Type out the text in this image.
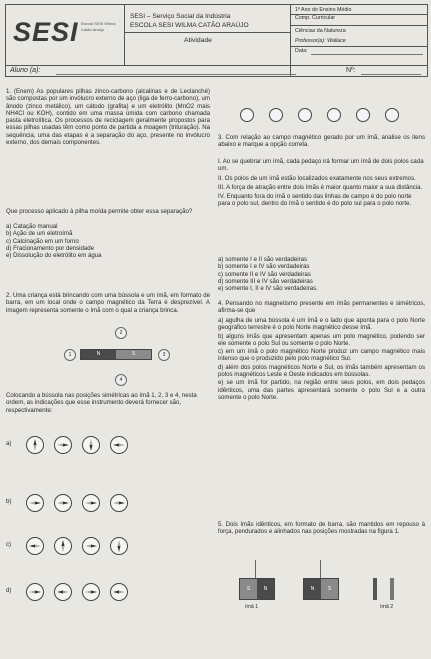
SESI Escola SESI Wilma Catão Araújo
SESI – Serviço Social da Indústria
ESCOLA SESI WILMA CATÃO ARAÚJO
Atividade
1º Ano do Ensino Médio
Comp. Curricular
Ciências da Natureza
Professor(a): Wallace
Data:
Aluno (a):	Nº:
1. (Enem) As populares pilhas zinco-carbono (alcalinas e de Leclanché) são compostas por um invólucro externo de aço (liga de ferro-carbono), um ânodo (zinco metálico), um cátodo (grafita) e um eletrólito (MnO2 mais NH4Cl ou KOH), contido em uma massa úmida com carbono chamada pasta eletrolítica. Os processos de reciclagem geralmente propostos para essas pilhas usadas têm como ponto de partida a moagem (trituração). Na sequência, uma das etapas é a separação do aço, presente no invólucro externo, dos demais componentes.
Que processo aplicado à pilha moída permite obter essa separação?
a) Catação manual
b) Ação de um eletroímã
c) Calcinação em um forno
d) Fracionamento por densidade
e) Dissolução do eletrólito em água
2. Uma criança está brincando com uma bússola e um ímã, em formato de barra, em um local onde o campo magnético da Terra é desprezível. A imagem representa somente o ímã com o qual a criança brinca.
2
1	N	S	3
4
Colocando a bússola nas posições simétricas ao ímã 1, 2, 3 e 4, nesta ordem, as indicações que esse instrumento deverá fornecer são, respectivamente:
a)
b)
c)
d)
3. Com relação ao campo magnético gerado por um ímã, analise os itens abaixo e marque a opção correta.
I. Ao se quebrar um ímã, cada pedaço irá formar um ímã de dois polos cada um.
II. Os polos de um ímã estão localizados exatamente nos seus extremos.
III. A força de atração entre dois ímãs é maior quanto maior a sua distância.
IV. Enquanto fora do ímã o sentido das linhas de campo é do polo norte para o polo sul, dentro do ímã o sentido é do polo sul para o polo norte.
a) somente I e II são verdadeiras
b) somente I e IV são verdadeiras
c) somente II e IV são verdadeiras
d) somente III e IV são verdadeiras
e) somente I, II e IV são verdadeiras.
4. Pensando no magnetismo presente em ímãs permanentes e simétricos, afirma-se que
a) agulha de uma bússola é um ímã e o lado que aponta para o polo Norte geográfico terrestre é o polo Norte magnético desse ímã.
b) alguns ímãs que apresentam apenas um polo magnético, podendo ser ele somente o polo Sul ou somente o polo Norte.
c) em um ímã o polo magnético Norte produz um campo magnético mais intenso que o produzido pelo polo magnético Sul.
d) além dos polos magnéticos Norte e Sul, os ímãs também apresentam os polos magnéticos Leste e Oeste indicados em bússolas.
e) se um ímã for partido, na região entre seus polos, em dois pedaços idênticos, uma das partes apresentará somente o polo Sul e a outra somente o polo Norte.
5. Dois ímãs idênticos, em formato de barra, são mantidos em repouso à força, pendurados e alinhados nas posições mostradas na figura 1.
S	N	N	S
ímã 1	ímã 2
